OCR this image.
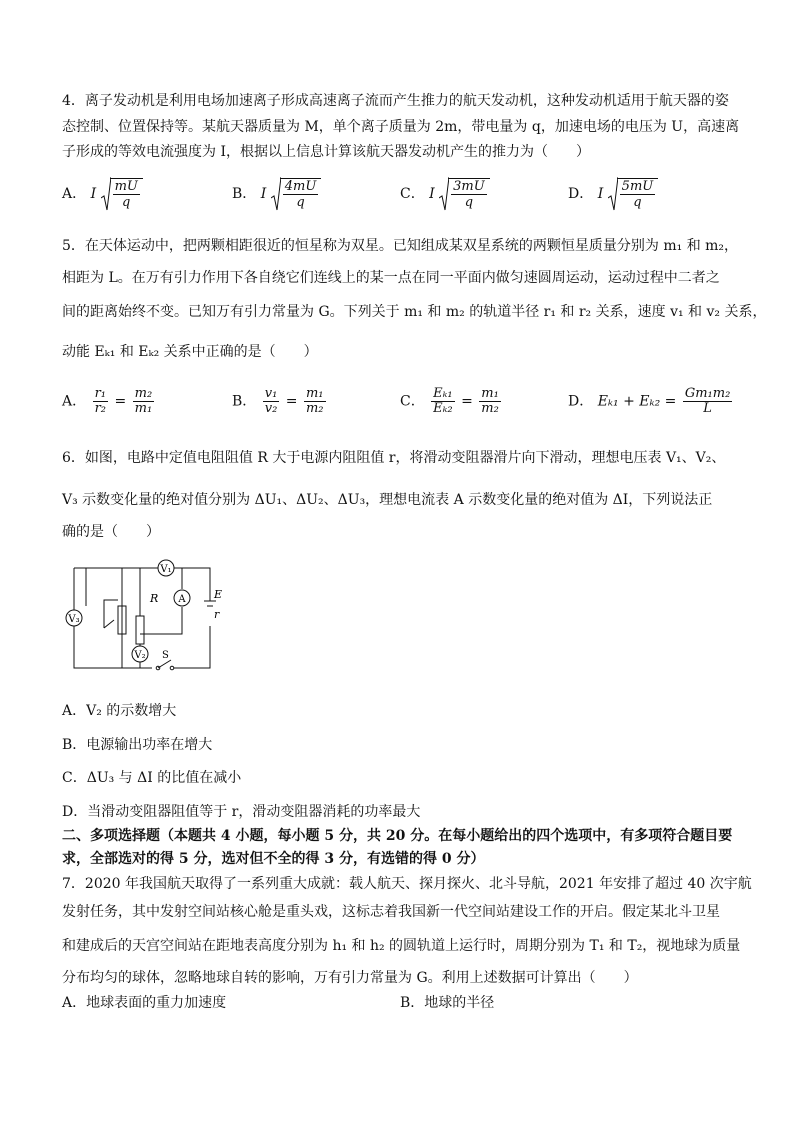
4．离子发动机是利用电场加速离子形成高速离子流而产生推力的航天发动机，这种发动机适用于航天器的姿
态控制、位置保持等。某航天器质量为 M，单个离子质量为 2m，带电量为 q，加速电场的电压为 U，高速离
子形成的等效电流强度为 I，根据以上信息计算该航天器发动机产生的推力为（　　）
A． I mU
q
B． I 4mU
q
C． I 3mU
q
D． I 5mU
q
5．在天体运动中，把两颗相距很近的恒星称为双星。已知组成某双星系统的两颗恒星质量分别为 m₁ 和 m₂，
相距为 L。在万有引力作用下各自绕它们连线上的某一点在同一平面内做匀速圆周运动，运动过程中二者之
间的距离始终不变。已知万有引力常量为 G。下列关于 m₁ 和 m₂ 的轨道半径 r₁ 和 r₂ 关系，速度 v₁ 和 v₂ 关系，
动能 Eₖ₁ 和 Eₖ₂ 关系中正确的是（　　）
A． $\frac{\text{r₁}}{\text{r₂}} = \frac{\text{m₂}}{\text{m₁}}$	B． $\frac{\text{v₁}}{\text{v₂}} = \frac{\text{m₁}}{\text{m₂}}$	C． $\frac{\text{Eₖ₁}}{\text{Eₖ₂}} = \frac{\text{m₁}}{\text{m₂}}$	D． $E_{k1} + E_{k2} = \frac{\text{Gm₁m₂}}{L}$
6．如图，电路中定值电阻阻值 R 大于电源内阻阻值 r，将滑动变阻器滑片向下滑动，理想电压表 V₁、V₂、
V₃ 示数变化量的绝对值分别为 ΔU₁、ΔU₂、ΔU₃，理想电流表 A 示数变化量的绝对值为 ΔI，下列说法正
确的是（　　）
V₁
A
V₂
V₃
R	E
r
S
A．V₂ 的示数增大
B．电源输出功率在增大
C．ΔU₃ 与 ΔI 的比值在减小
D．当滑动变阻器阻值等于 r，滑动变阻器消耗的功率最大
二、多项选择题（本题共 4 小题，每小题 5 分，共 20 分。在每小题给出的四个选项中，有多项符合题目要
求，全部选对的得 5 分，选对但不全的得 3 分，有选错的得 0 分）
7．2020 年我国航天取得了一系列重大成就：载人航天、探月探火、北斗导航，2021 年安排了超过 40 次宇航
发射任务，其中发射空间站核心舱是重头戏，这标志着我国新一代空间站建设工作的开启。假定某北斗卫星
和建成后的天宫空间站在距地表高度分别为 h₁ 和 h₂ 的圆轨道上运行时，周期分别为 T₁ 和 T₂，视地球为质量
分布均匀的球体，忽略地球自转的影响，万有引力常量为 G。利用上述数据可计算出（　　）
A．地球表面的重力加速度	B．地球的半径
